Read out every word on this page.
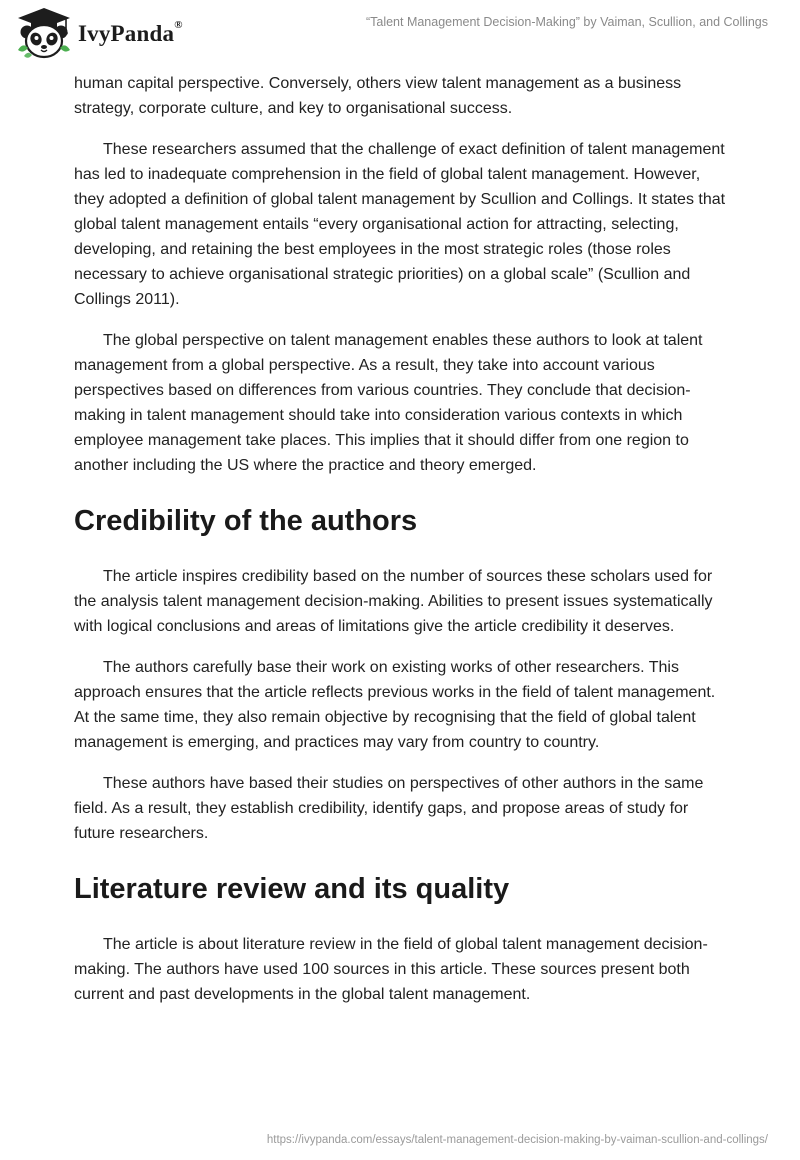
IvyPanda®	“Talent Management Decision-Making” by Vaiman, Scullion, and Collings

human capital perspective. Conversely, others view talent management as a business strategy, corporate culture, and key to organisational success.

These researchers assumed that the challenge of exact definition of talent management has led to inadequate comprehension in the field of global talent management. However, they adopted a definition of global talent management by Scullion and Collings. It states that global talent management entails “every organisational action for attracting, selecting, developing, and retaining the best employees in the most strategic roles (those roles necessary to achieve organisational strategic priorities) on a global scale” (Scullion and Collings 2011).

The global perspective on talent management enables these authors to look at talent management from a global perspective. As a result, they take into account various perspectives based on differences from various countries. They conclude that decision-making in talent management should take into consideration various contexts in which employee management take places. This implies that it should differ from one region to another including the US where the practice and theory emerged.

Credibility of the authors

The article inspires credibility based on the number of sources these scholars used for the analysis talent management decision-making. Abilities to present issues systematically with logical conclusions and areas of limitations give the article credibility it deserves.

The authors carefully base their work on existing works of other researchers. This approach ensures that the article reflects previous works in the field of talent management. At the same time, they also remain objective by recognising that the field of global talent management is emerging, and practices may vary from country to country.

These authors have based their studies on perspectives of other authors in the same field. As a result, they establish credibility, identify gaps, and propose areas of study for future researchers.

Literature review and its quality

The article is about literature review in the field of global talent management decision-making. The authors have used 100 sources in this article. These sources present both current and past developments in the global talent management.

https://ivypanda.com/essays/talent-management-decision-making-by-vaiman-scullion-and-collings/
